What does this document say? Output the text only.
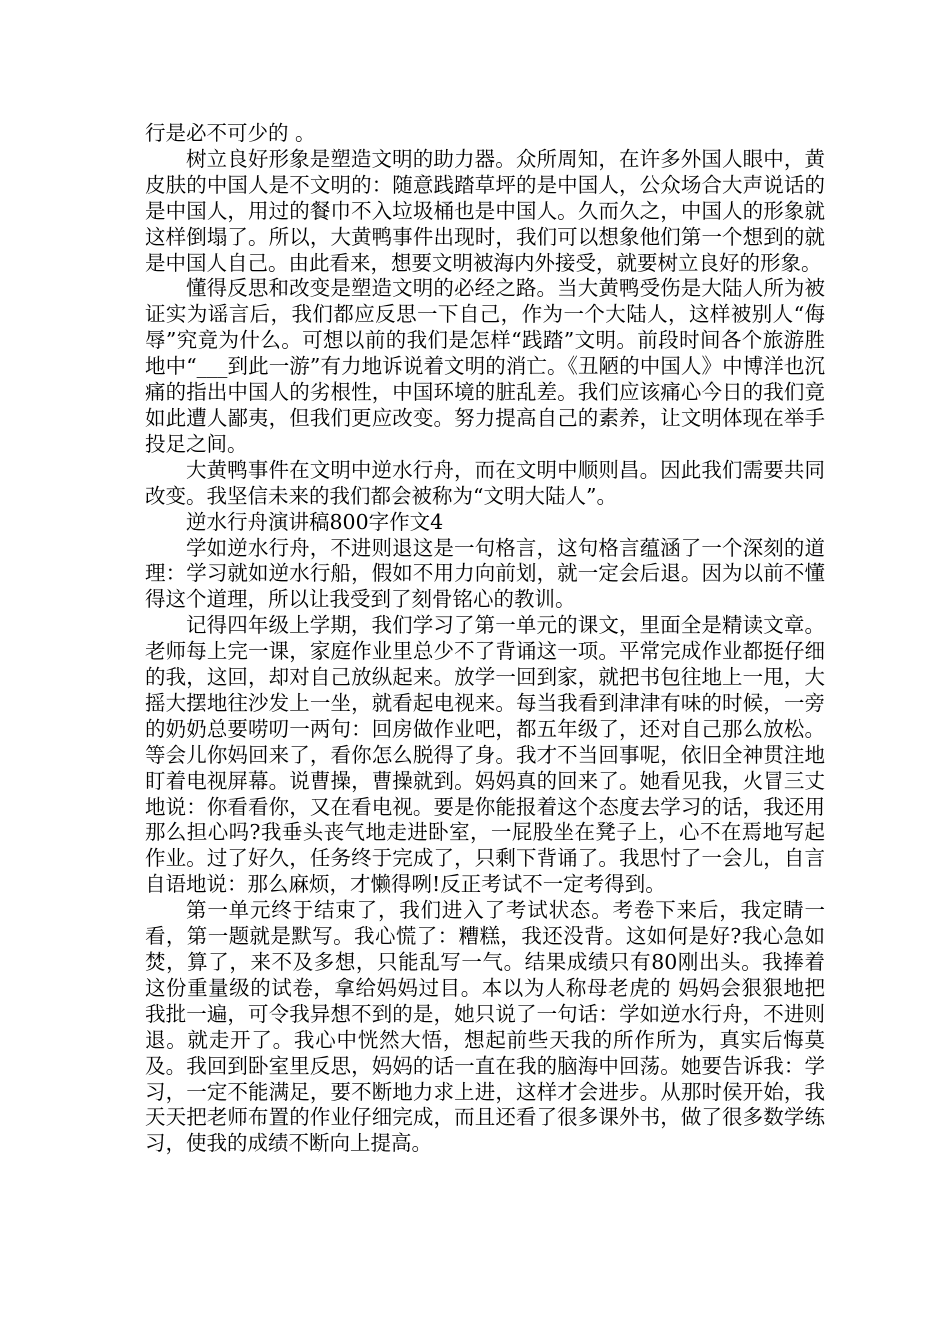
行是必不可少的 。

树立良好形象是塑造文明的助力器。众所周知，在许多外国人眼中，黄皮肤的中国人是不文明的：随意践踏草坪的是中国人，公众场合大声说话的是中国人，用过的餐巾不入垃圾桶也是中国人。久而久之，中国人的形象就这样倒塌了。所以，大黄鸭事件出现时，我们可以想象他们第一个想到的就是中国人自己。由此看来，想要文明被海内外接受，就要树立良好的形象。

懂得反思和改变是塑造文明的必经之路。当大黄鸭受伤是大陆人所为被证实为谣言后，我们都应反思一下自己，作为一个大陆人，这样被别人“侮辱”究竟为什么。可想以前的我们是怎样“践踏”文明。前段时间各个旅游胜地中“___到此一游”有力地诉说着文明的消亡。《丑陋的中国人》中博洋也沉痛的指出中国人的劣根性，中国环境的脏乱差。我们应该痛心今日的我们竟如此遭人鄙夷，但我们更应改变。努力提高自己的素养，让文明体现在举手投足之间。

大黄鸭事件在文明中逆水行舟，而在文明中顺则昌。因此我们需要共同改变。我坚信未来的我们都会被称为“文明大陆人”。

逆水行舟演讲稿800字作文4

学如逆水行舟，不进则退这是一句格言，这句格言蕴涵了一个深刻的道理：学习就如逆水行船，假如不用力向前划，就一定会后退。因为以前不懂得这个道理，所以让我受到了刻骨铭心的教训。

记得四年级上学期，我们学习了第一单元的课文，里面全是精读文章。老师每上完一课，家庭作业里总少不了背诵这一项。平常完成作业都挺仔细的我，这回，却对自己放纵起来。放学一回到家，就把书包往地上一甩，大摇大摆地往沙发上一坐，就看起电视来。每当我看到津津有味的时候，一旁的奶奶总要唠叨一两句：回房做作业吧，都五年级了，还对自己那么放松。等会儿你妈回来了，看你怎么脱得了身。我才不当回事呢，依旧全神贯注地盯着电视屏幕。说曹操，曹操就到。妈妈真的回来了。她看见我，火冒三丈地说：你看看你，又在看电视。要是你能报着这个态度去学习的话，我还用那么担心吗?我垂头丧气地走进卧室，一屁股坐在凳子上，心不在焉地写起作业。过了好久，任务终于完成了，只剩下背诵了。我思忖了一会儿，自言自语地说：那么麻烦，才懒得咧!反正考试不一定考得到。

第一单元终于结束了，我们进入了考试状态。考卷下来后，我定睛一看，第一题就是默写。我心慌了：糟糕，我还没背。这如何是好?我心急如焚，算了，来不及多想，只能乱写一气。结果成绩只有80刚出头。我捧着这份重量级的试卷，拿给妈妈过目。本以为人称母老虎的 妈妈会狠狠地把我批一遍，可令我异想不到的是，她只说了一句话：学如逆水行舟，不进则退。就走开了。我心中恍然大悟，想起前些天我的所作所为，真实后悔莫及。我回到卧室里反思，妈妈的话一直在我的脑海中回荡。她要告诉我：学习，一定不能满足，要不断地力求上进，这样才会进步。从那时侯开始，我天天把老师布置的作业仔细完成，而且还看了很多课外书，做了很多数学练习，使我的成绩不断向上提高。
